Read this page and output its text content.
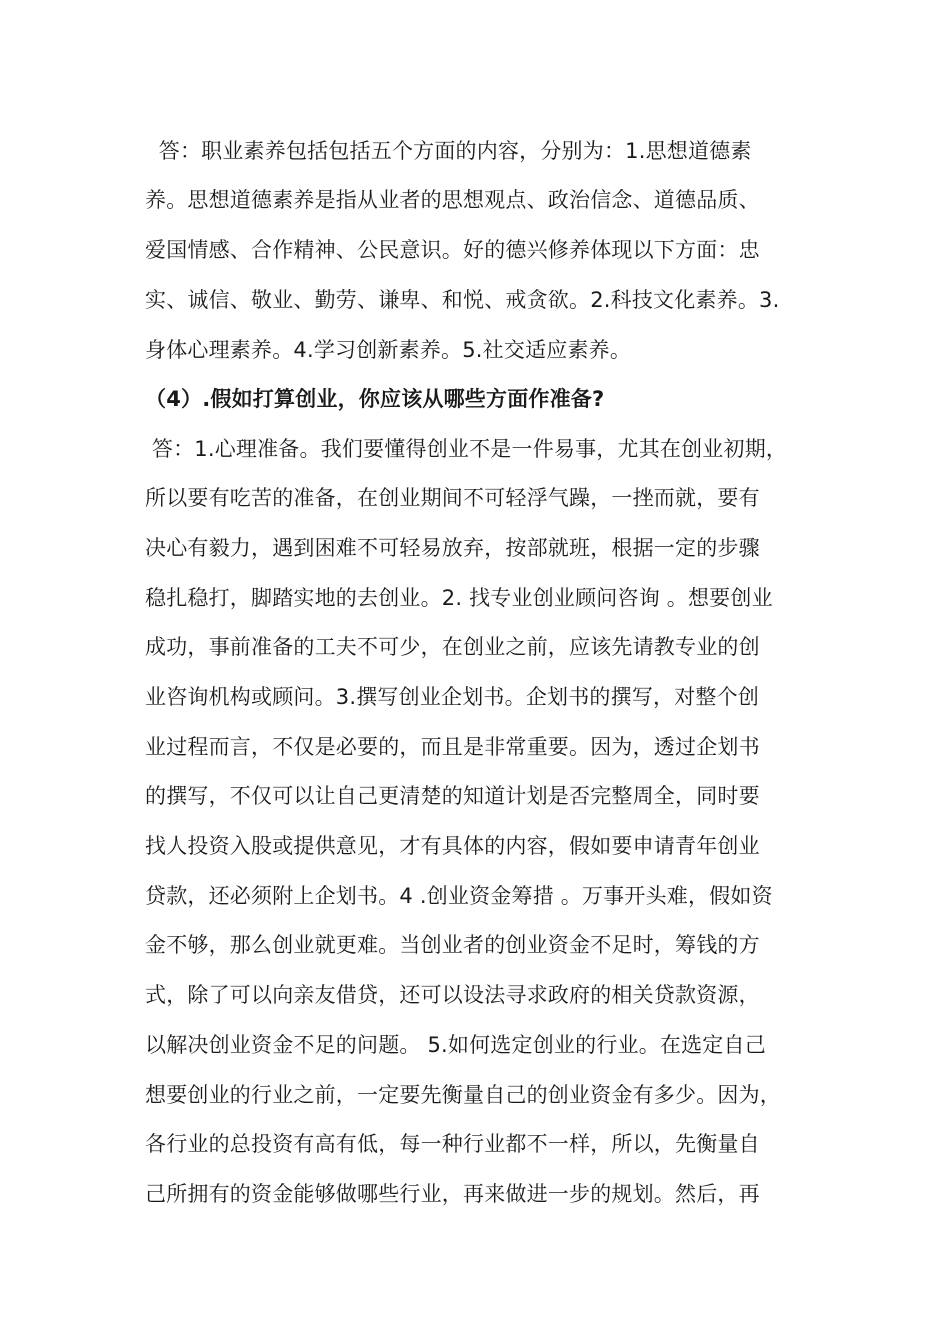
答：职业素养包括包括五个方面的内容，分别为：1.思想道德素
养。思想道德素养是指从业者的思想观点、政治信念、道德品质、
爱国情感、合作精神、公民意识。好的德兴修养体现以下方面：忠
实、诚信、敬业、勤劳、谦卑、和悦、戒贪欲。2.科技文化素养。3.
身体心理素养。4.学习创新素养。5.社交适应素养。
（4）.假如打算创业，你应该从哪些方面作准备?
答：1.心理准备。我们要懂得创业不是一件易事，尤其在创业初期，
所以要有吃苦的准备，在创业期间不可轻浮气躁，一挫而就，要有
决心有毅力，遇到困难不可轻易放弃，按部就班，根据一定的步骤
稳扎稳打，脚踏实地的去创业。2. 找专业创业顾问咨询 。想要创业
成功，事前准备的工夫不可少，在创业之前，应该先请教专业的创
业咨询机构或顾问。3.撰写创业企划书。企划书的撰写，对整个创
业过程而言，不仅是必要的，而且是非常重要。因为，透过企划书
的撰写，不仅可以让自己更清楚的知道计划是否完整周全，同时要
找人投资入股或提供意见，才有具体的内容，假如要申请青年创业
贷款，还必须附上企划书。4 .创业资金筹措 。万事开头难，假如资
金不够，那么创业就更难。当创业者的创业资金不足时，筹钱的方
式，除了可以向亲友借贷，还可以设法寻求政府的相关贷款资源，
以解决创业资金不足的问题。 5.如何选定创业的行业。在选定自己
想要创业的行业之前，一定要先衡量自己的创业资金有多少。因为，
各行业的总投资有高有低，每一种行业都不一样，所以，先衡量自
己所拥有的资金能够做哪些行业，再来做进一步的规划。然后，再
